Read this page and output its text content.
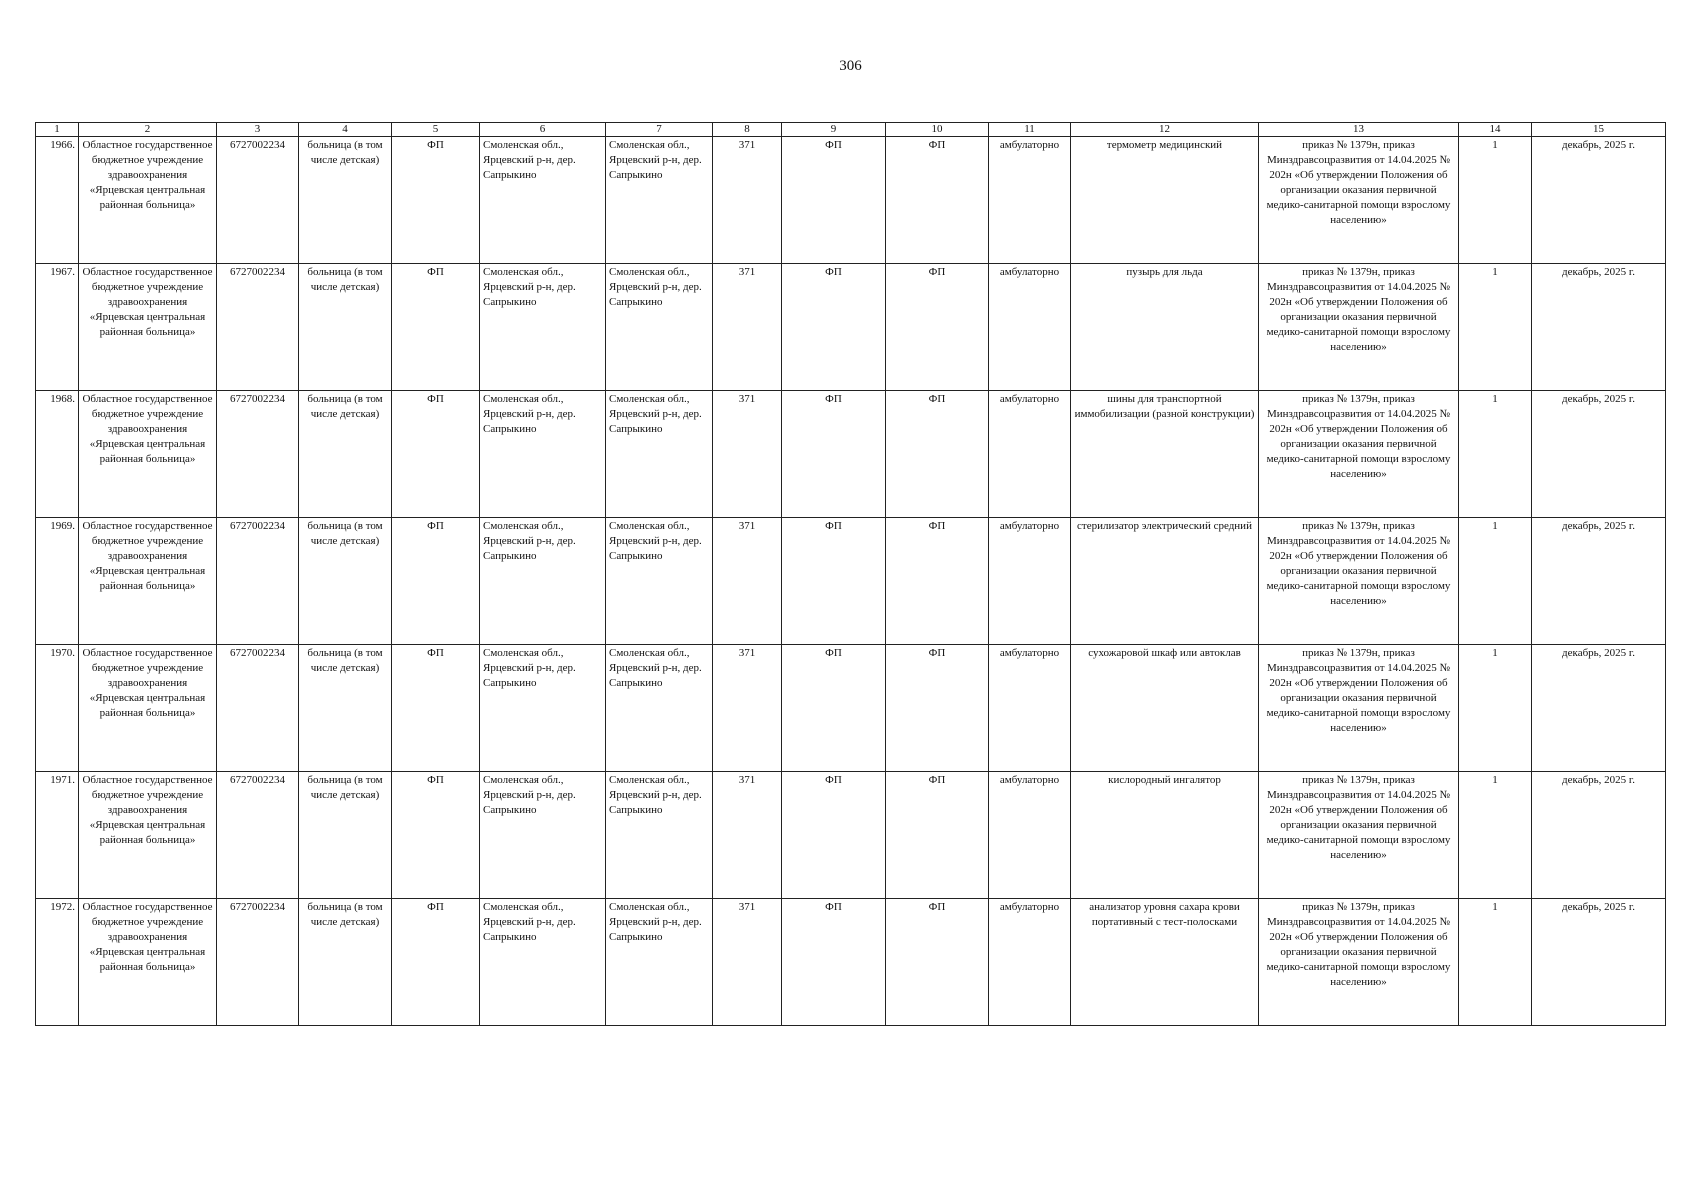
306
1	2	3	4	5	6	7	8	9	10	11	12	13	14	15
1966.	Областное государственное бюджетное учреждение здравоохранения «Ярцевская центральная районная больница»	6727002234	больница (в том числе детская)	ФП	Смоленская обл., Ярцевский р-н, дер. Сапрыкино	Смоленская обл., Ярцевский р-н, дер. Сапрыкино	371	ФП	ФП	амбулаторно	термометр медицинский	приказ № 1379н, приказ Минздравсоцразвития от 14.04.2025 № 202н «Об утверждении Положения об организации оказания первичной медико-санитарной помощи взрослому населению»	1	декабрь, 2025 г.
1967.	Областное государственное бюджетное учреждение здравоохранения «Ярцевская центральная районная больница»	6727002234	больница (в том числе детская)	ФП	Смоленская обл., Ярцевский р-н, дер. Сапрыкино	Смоленская обл., Ярцевский р-н, дер. Сапрыкино	371	ФП	ФП	амбулаторно	пузырь для льда	приказ № 1379н, приказ Минздравсоцразвития от 14.04.2025 № 202н «Об утверждении Положения об организации оказания первичной медико-санитарной помощи взрослому населению»	1	декабрь, 2025 г.
1968.	Областное государственное бюджетное учреждение здравоохранения «Ярцевская центральная районная больница»	6727002234	больница (в том числе детская)	ФП	Смоленская обл., Ярцевский р-н, дер. Сапрыкино	Смоленская обл., Ярцевский р-н, дер. Сапрыкино	371	ФП	ФП	амбулаторно	шины для транспортной иммобилизации (разной конструкции)	приказ № 1379н, приказ Минздравсоцразвития от 14.04.2025 № 202н «Об утверждении Положения об организации оказания первичной медико-санитарной помощи взрослому населению»	1	декабрь, 2025 г.
1969.	Областное государственное бюджетное учреждение здравоохранения «Ярцевская центральная районная больница»	6727002234	больница (в том числе детская)	ФП	Смоленская обл., Ярцевский р-н, дер. Сапрыкино	Смоленская обл., Ярцевский р-н, дер. Сапрыкино	371	ФП	ФП	амбулаторно	стерилизатор электрический средний	приказ № 1379н, приказ Минздравсоцразвития от 14.04.2025 № 202н «Об утверждении Положения об организации оказания первичной медико-санитарной помощи взрослому населению»	1	декабрь, 2025 г.
1970.	Областное государственное бюджетное учреждение здравоохранения «Ярцевская центральная районная больница»	6727002234	больница (в том числе детская)	ФП	Смоленская обл., Ярцевский р-н, дер. Сапрыкино	Смоленская обл., Ярцевский р-н, дер. Сапрыкино	371	ФП	ФП	амбулаторно	сухожаровой шкаф или автоклав	приказ № 1379н, приказ Минздравсоцразвития от 14.04.2025 № 202н «Об утверждении Положения об организации оказания первичной медико-санитарной помощи взрослому населению»	1	декабрь, 2025 г.
1971.	Областное государственное бюджетное учреждение здравоохранения «Ярцевская центральная районная больница»	6727002234	больница (в том числе детская)	ФП	Смоленская обл., Ярцевский р-н, дер. Сапрыкино	Смоленская обл., Ярцевский р-н, дер. Сапрыкино	371	ФП	ФП	амбулаторно	кислородный ингалятор	приказ № 1379н, приказ Минздравсоцразвития от 14.04.2025 № 202н «Об утверждении Положения об организации оказания первичной медико-санитарной помощи взрослому населению»	1	декабрь, 2025 г.
1972.	Областное государственное бюджетное учреждение здравоохранения «Ярцевская центральная районная больница»	6727002234	больница (в том числе детская)	ФП	Смоленская обл., Ярцевский р-н, дер. Сапрыкино	Смоленская обл., Ярцевский р-н, дер. Сапрыкино	371	ФП	ФП	амбулаторно	анализатор уровня сахара крови портативный с тест-полосками	приказ № 1379н, приказ Минздравсоцразвития от 14.04.2025 № 202н «Об утверждении Положения об организации оказания первичной медико-санитарной помощи взрослому населению»	1	декабрь, 2025 г.
